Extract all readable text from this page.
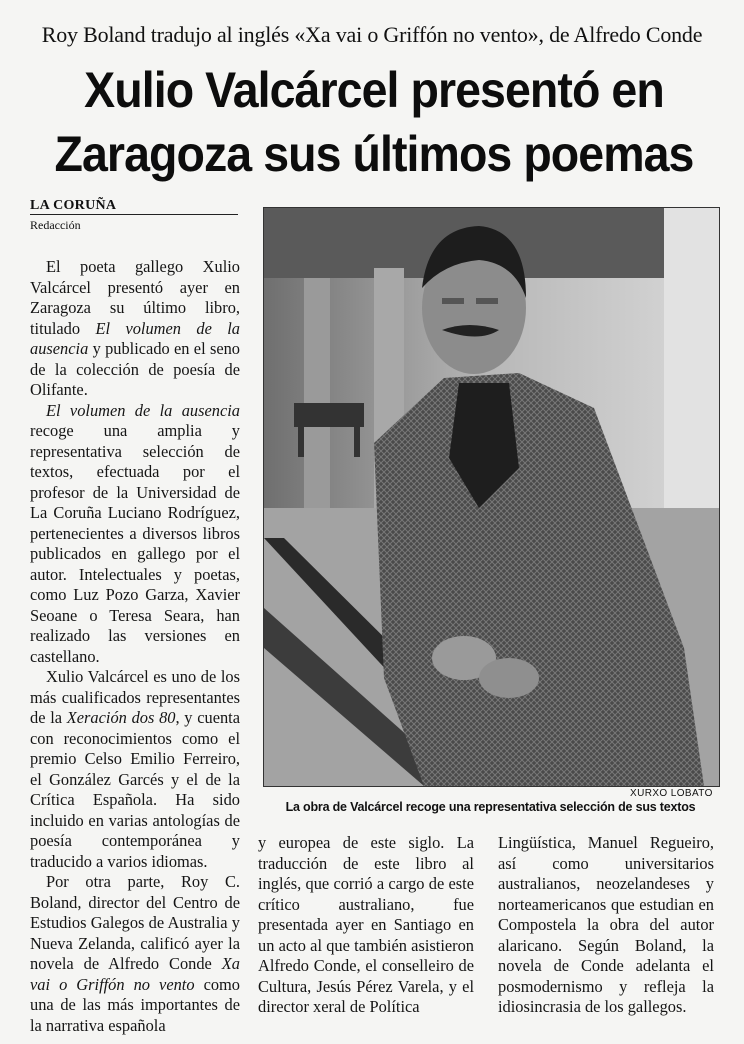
Roy Boland tradujo al inglés «Xa vai o Griffón no vento», de Alfredo Conde
Xulio Valcárcel presentó en
Zaragoza sus últimos poemas
LA CORUÑA
Redacción

El poeta gallego Xulio Valcárcel presentó ayer en Zaragoza su último libro, titulado El volumen de la ausencia y publicado en el seno de la colección de poesía de Olifante.

El volumen de la ausencia recoge una amplia y representativa selección de textos, efectuada por el profesor de la Universidad de La Coruña Luciano Rodríguez, pertenecientes a diversos libros publicados en gallego por el autor. Intelectuales y poetas, como Luz Pozo Garza, Xavier Seoane o Teresa Seara, han realizado las versiones en castellano.

Xulio Valcárcel es uno de los más cualificados representantes de la Xeración dos 80, y cuenta con reconocimientos como el premio Celso Emilio Ferreiro, el González Garcés y el de la Crítica Española. Ha sido incluido en varias antologías de poesía contemporánea y traducido a varios idiomas.

Por otra parte, Roy C. Boland, director del Centro de Estudios Galegos de Australia y Nueva Zelanda, calificó ayer la novela de Alfredo Conde Xa vai o Griffón no vento como una de las más importantes de la narrativa española

XURXO LOBATO
La obra de Valcárcel recoge una representativa selección de sus textos

y europea de este siglo. La traducción de este libro al inglés, que corrió a cargo de este crítico australiano, fue presentada ayer en Santiago en un acto al que también asistieron Alfredo Conde, el conselleiro de Cultura, Jesús Pérez Varela, y el director xeral de Política

Lingüística, Manuel Regueiro, así como universitarios australianos, neozelandeses y norteamericanos que estudian en Compostela la obra del autor alaricano. Según Boland, la novela de Conde adelanta el posmodernismo y refleja la idiosincrasia de los gallegos.
